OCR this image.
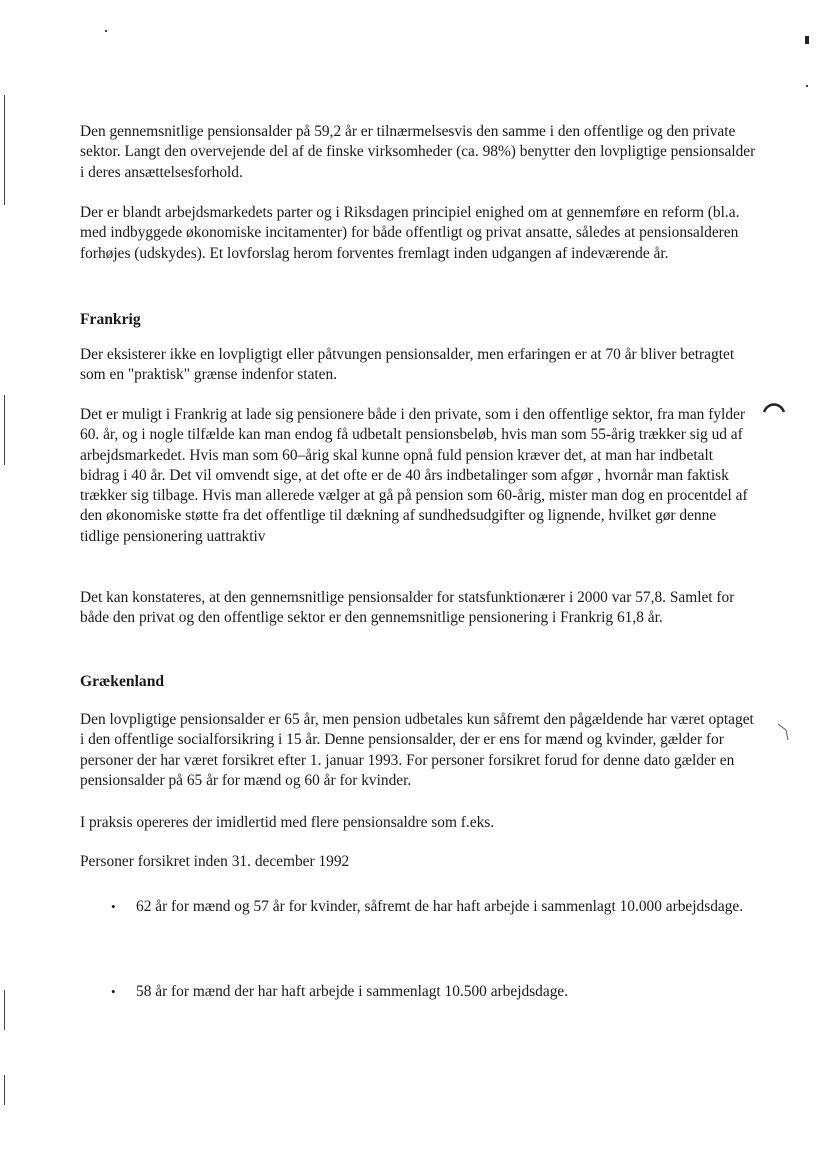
Den gennemsnitlige pensionsalder på 59,2 år er tilnærmelsesvis den samme i den offentlige og den private sektor. Langt den overvejende del af de finske virksomheder (ca. 98%) benytter den lovpligtige pensionsalder i deres ansættelsesforhold.

Der er blandt arbejdsmarkedets parter og i Riksdagen principiel enighed om at gennemføre en reform (bl.a. med indbyggede økonomiske incitamenter) for både offentligt og privat ansatte, således at pensionsalderen forhøjes (udskydes). Et lovforslag herom forventes fremlagt inden udgangen af indeværende år.

Frankrig

Der eksisterer ikke en lovpligtigt eller påtvungen pensionsalder, men erfaringen er at 70 år bliver betragtet som en "praktisk" grænse indenfor staten.

Det er muligt i Frankrig at lade sig pensionere både i den private, som i den offentlige sektor, fra man fylder 60. år, og i nogle tilfælde kan man endog få udbetalt pensionsbeløb, hvis man som 55-årig trækker sig ud af arbejdsmarkedet. Hvis man som 60–årig skal kunne opnå fuld pension kræver det, at man har indbetalt bidrag i 40 år. Det vil omvendt sige, at det ofte er de 40 års indbetalinger som afgør , hvornår man faktisk trækker sig tilbage. Hvis man allerede vælger at gå på pension som 60-årig, mister man dog en procentdel af den økonomiske støtte fra det offentlige til dækning af sundhedsudgifter og lignende, hvilket gør denne tidlige pensionering uattraktiv

Det kan konstateres, at den gennemsnitlige pensionsalder for statsfunktionærer i 2000 var 57,8. Samlet for både den privat og den offentlige sektor er den gennemsnitlige pensionering i Frankrig 61,8 år.

Grækenland

Den lovpligtige pensionsalder er 65 år, men pension udbetales kun såfremt den pågældende har været optaget i den offentlige socialforsikring i 15 år. Denne pensionsalder, der er ens for mænd og kvinder, gælder for personer der har været forsikret efter 1. januar 1993. For personer forsikret forud for denne dato gælder en pensionsalder på 65 år for mænd og 60 år for kvinder.

I praksis opereres der imidlertid med flere pensionsaldre som f.eks.

Personer forsikret inden 31. december 1992

• 62 år for mænd og 57 år for kvinder, såfremt de har haft arbejde i sammenlagt 10.000 arbejdsdage.

• 58 år for mænd der har haft arbejde i sammenlagt 10.500 arbejdsdage.
